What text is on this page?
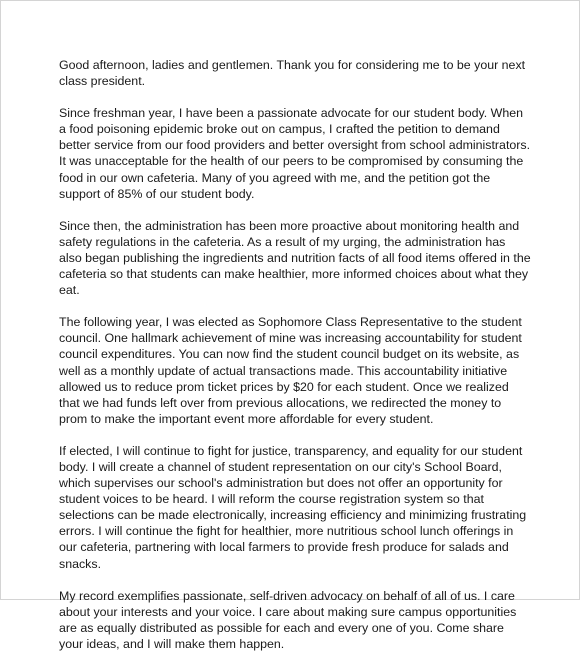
Good afternoon, ladies and gentlemen. Thank you for considering me to be your next class president.

Since freshman year, I have been a passionate advocate for our student body. When a food poisoning epidemic broke out on campus, I crafted the petition to demand better service from our food providers and better oversight from school administrators. It was unacceptable for the health of our peers to be compromised by consuming the food in our own cafeteria. Many of you agreed with me, and the petition got the support of 85% of our student body.

Since then, the administration has been more proactive about monitoring health and safety regulations in the cafeteria. As a result of my urging, the administration has also began publishing the ingredients and nutrition facts of all food items offered in the cafeteria so that students can make healthier, more informed choices about what they eat.

The following year, I was elected as Sophomore Class Representative to the student council. One hallmark achievement of mine was increasing accountability for student council expenditures. You can now find the student council budget on its website, as well as a monthly update of actual transactions made. This accountability initiative allowed us to reduce prom ticket prices by $20 for each student. Once we realized that we had funds left over from previous allocations, we redirected the money to prom to make the important event more affordable for every student.

If elected, I will continue to fight for justice, transparency, and equality for our student body. I will create a channel of student representation on our city's School Board, which supervises our school's administration but does not offer an opportunity for student voices to be heard. I will reform the course registration system so that selections can be made electronically, increasing efficiency and minimizing frustrating errors. I will continue the fight for healthier, more nutritious school lunch offerings in our cafeteria, partnering with local farmers to provide fresh produce for salads and snacks.

My record exemplifies passionate, self-driven advocacy on behalf of all of us. I care about your interests and your voice. I care about making sure campus opportunities are as equally distributed as possible for each and every one of you. Come share your ideas, and I will make them happen.
